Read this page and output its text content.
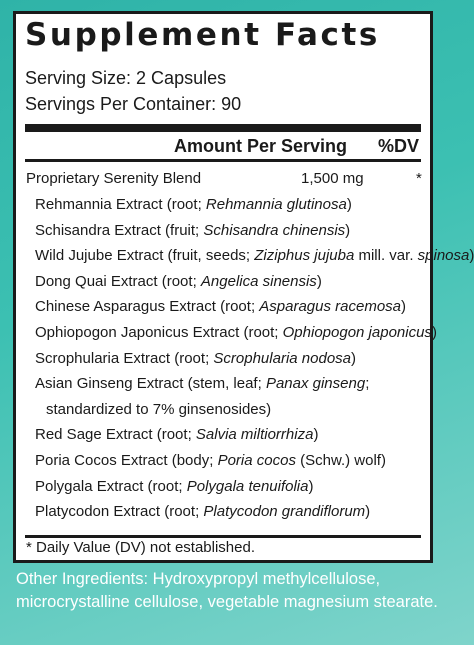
Supplement Facts
Serving Size: 2 Capsules
Servings Per Container: 90
Amount Per Serving %DV
Proprietary Serenity Blend	1,500 mg	*
Rehmannia Extract (root; Rehmannia glutinosa)
Schisandra Extract (fruit; Schisandra chinensis)
Wild Jujube Extract (fruit, seeds; Ziziphus jujuba mill. var. spinosa)
Dong Quai Extract (root; Angelica sinensis)
Chinese Asparagus Extract (root; Asparagus racemosa)
Ophiopogon Japonicus Extract (root; Ophiopogon japonicus)
Scrophularia Extract (root; Scrophularia nodosa)
Asian Ginseng Extract (stem, leaf; Panax ginseng;
standardized to 7% ginsenosides)
Red Sage Extract (root; Salvia miltiorrhiza)
Poria Cocos Extract (body; Poria cocos (Schw.) wolf)
Polygala Extract (root; Polygala tenuifolia)
Platycodon Extract (root; Platycodon grandiflorum)
* Daily Value (DV) not established.
Other Ingredients: Hydroxypropyl methylcellulose, microcrystalline cellulose, vegetable magnesium stearate.
